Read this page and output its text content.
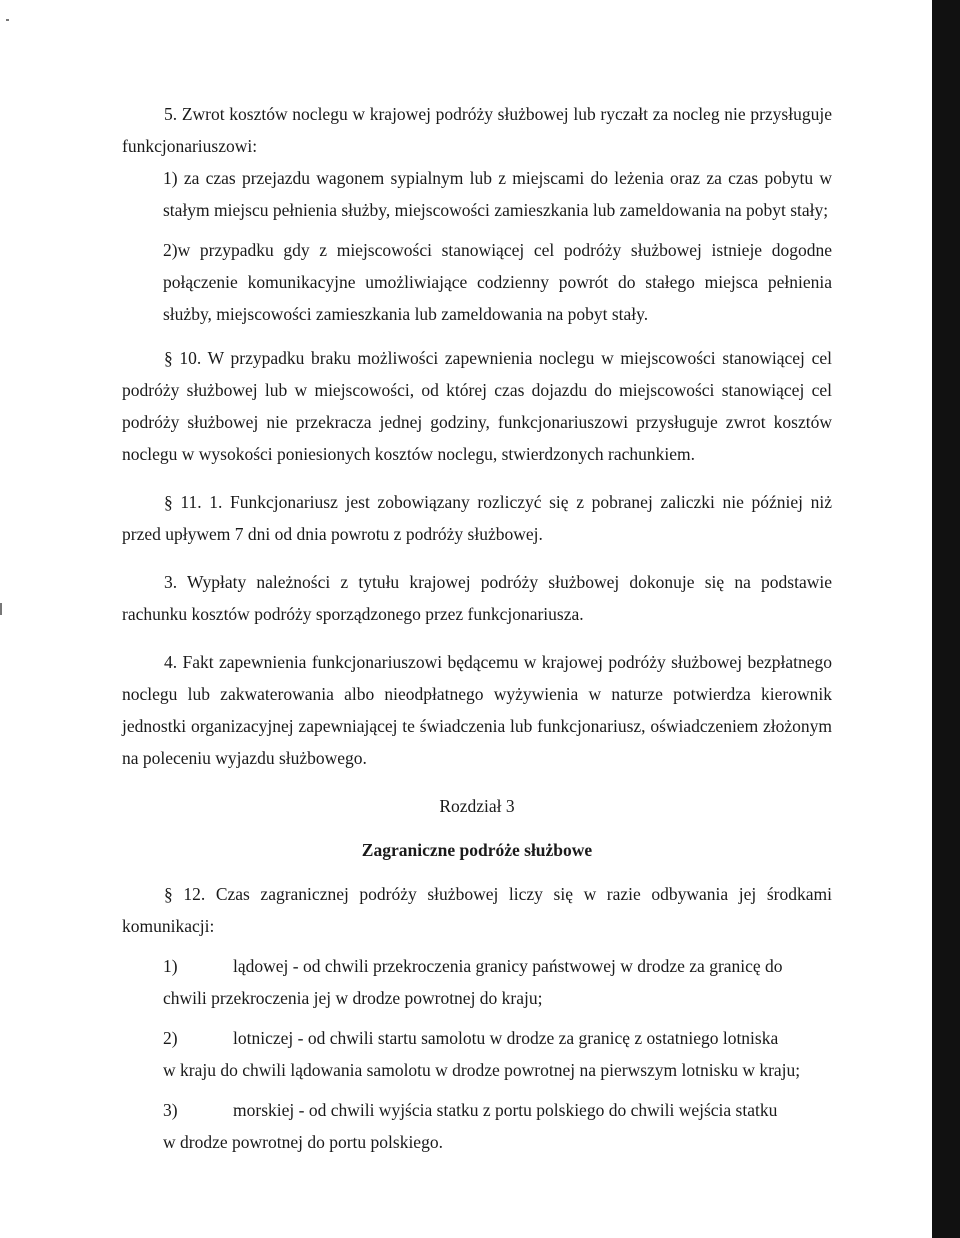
5. Zwrot kosztów noclegu w krajowej podróży służbowej lub ryczałt za nocleg nie przysługuje funkcjonariuszowi:

1) za czas przejazdu wagonem sypialnym lub z miejscami do leżenia oraz za czas pobytu w stałym miejscu pełnienia służby, miejscowości zamieszkania lub zameldowania na pobyt stały;

2)w przypadku gdy z miejscowości stanowiącej cel podróży służbowej istnieje dogodne połączenie komunikacyjne umożliwiające codzienny powrót do stałego miejsca pełnienia służby, miejscowości zamieszkania lub zameldowania na pobyt stały.

§ 10. W przypadku braku możliwości zapewnienia noclegu w miejscowości stanowiącej cel podróży służbowej lub w miejscowości, od której czas dojazdu do miejscowości stanowiącej cel podróży służbowej nie przekracza jednej godziny, funkcjonariuszowi przysługuje zwrot kosztów noclegu w wysokości poniesionych kosztów noclegu, stwierdzonych rachunkiem.

§ 11. 1. Funkcjonariusz jest zobowiązany rozliczyć się z pobranej zaliczki nie później niż przed upływem 7 dni od dnia powrotu z podróży służbowej.

3. Wypłaty należności z tytułu krajowej podróży służbowej dokonuje się na podstawie rachunku kosztów podróży sporządzonego przez funkcjonariusza.

4. Fakt zapewnienia funkcjonariuszowi będącemu w krajowej podróży służbowej bezpłatnego noclegu lub zakwaterowania albo nieodpłatnego wyżywienia w naturze potwierdza kierownik jednostki organizacyjnej zapewniającej te świadczenia lub funkcjonariusz, oświadczeniem złożonym na poleceniu wyjazdu służbowego.

Rozdział 3

Zagraniczne podróże służbowe

§ 12. Czas zagranicznej podróży służbowej liczy się w razie odbywania jej środkami komunikacji:

1)	lądowej - od chwili przekroczenia granicy państwowej w drodze za granicę do

chwili przekroczenia jej w drodze powrotnej do kraju;

2)	lotniczej - od chwili startu samolotu w drodze za granicę z ostatniego lotniska

w kraju do chwili lądowania samolotu w drodze powrotnej na pierwszym lotnisku w kraju;

3)	morskiej - od chwili wyjścia statku z portu polskiego do chwili wejścia statku

w drodze powrotnej do portu polskiego.
